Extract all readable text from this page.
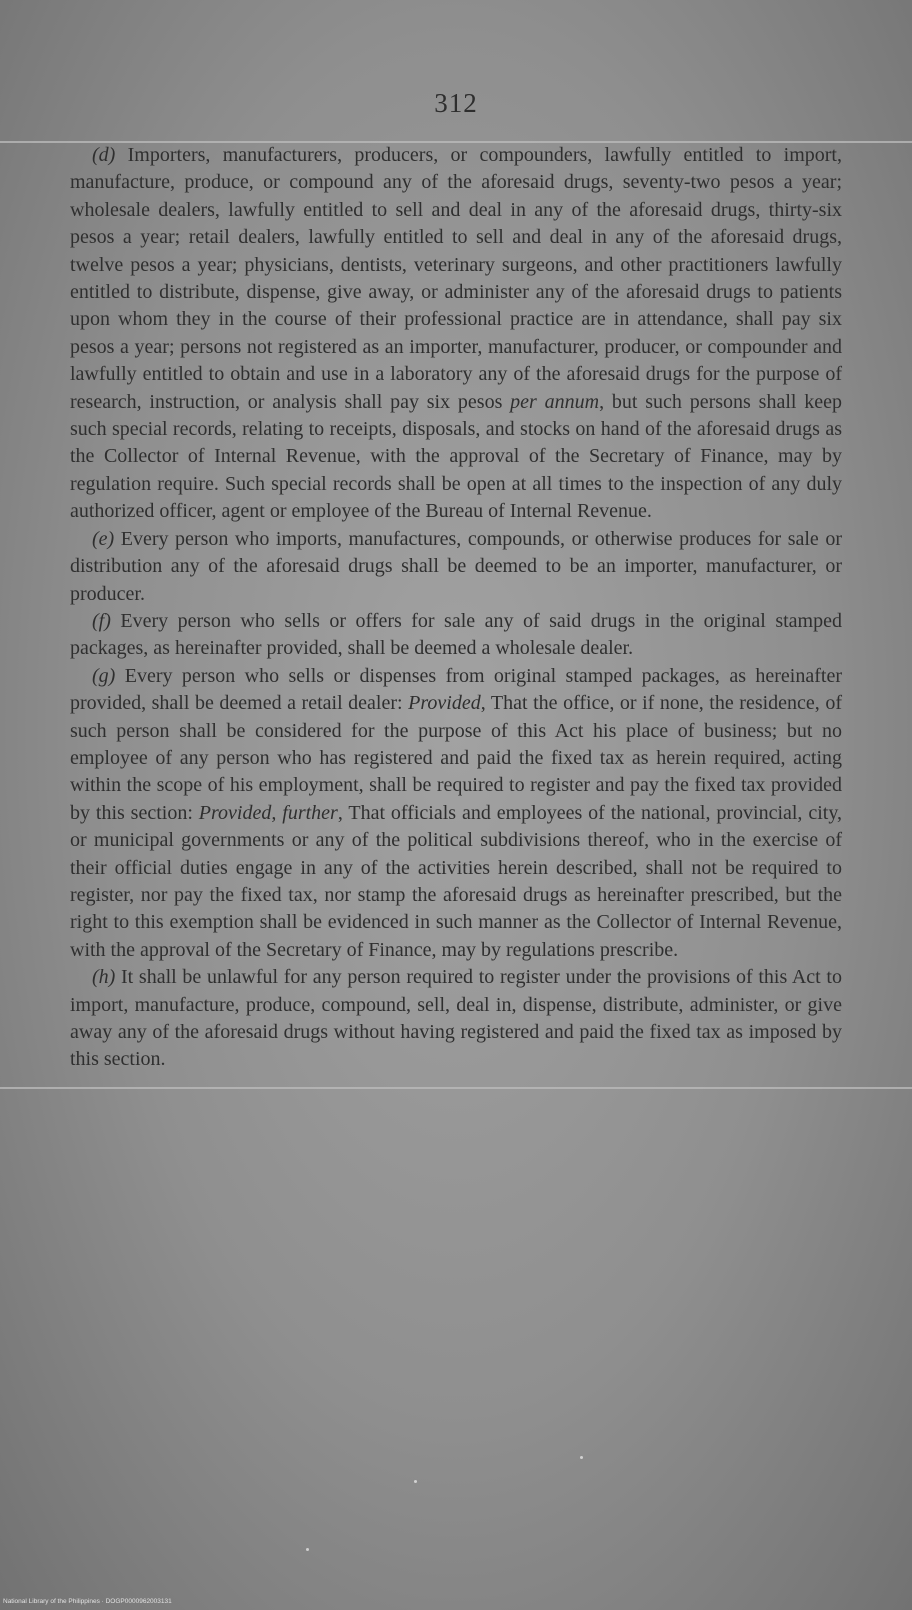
312

(d) Importers, manufacturers, producers, or compounders, lawfully entitled to import, manufacture, produce, or compound any of the aforesaid drugs, seventy-two pesos a year; wholesale dealers, lawfully entitled to sell and deal in any of the aforesaid drugs, thirty-six pesos a year; retail dealers, lawfully entitled to sell and deal in any of the aforesaid drugs, twelve pesos a year; physicians, dentists, veterinary surgeons, and other practitioners lawfully entitled to distribute, dispense, give away, or administer any of the aforesaid drugs to patients upon whom they in the course of their professional practice are in attendance, shall pay six pesos a year; persons not registered as an importer, manufacturer, producer, or compounder and lawfully entitled to obtain and use in a laboratory any of the aforesaid drugs for the purpose of research, instruction, or analysis shall pay six pesos per annum, but such persons shall keep such special records, relating to receipts, disposals, and stocks on hand of the aforesaid drugs as the Collector of Internal Revenue, with the approval of the Secretary of Finance, may by regulation require. Such special records shall be open at all times to the inspection of any duly authorized officer, agent or employee of the Bureau of Internal Revenue.

(e) Every person who imports, manufactures, compounds, or otherwise produces for sale or distribution any of the aforesaid drugs shall be deemed to be an importer, manufacturer, or producer.

(f) Every person who sells or offers for sale any of said drugs in the original stamped packages, as hereinafter provided, shall be deemed a wholesale dealer.

(g) Every person who sells or dispenses from original stamped packages, as hereinafter provided, shall be deemed a retail dealer: Provided, That the office, or if none, the residence, of such person shall be considered for the purpose of this Act his place of business; but no employee of any person who has registered and paid the fixed tax as herein required, acting within the scope of his employment, shall be required to register and pay the fixed tax provided by this section: Provided, further, That officials and employees of the national, provincial, city, or municipal governments or any of the political subdivisions thereof, who in the exercise of their official duties engage in any of the activities herein described, shall not be required to register, nor pay the fixed tax, nor stamp the aforesaid drugs as hereinafter prescribed, but the right to this exemption shall be evidenced in such manner as the Collector of Internal Revenue, with the approval of the Secretary of Finance, may by regulations prescribe.

(h) It shall be unlawful for any person required to register under the provisions of this Act to import, manufacture, produce, compound, sell, deal in, dispense, distribute, administer, or give away any of the aforesaid drugs without having registered and paid the fixed tax as imposed by this section.

National Library of the Philippines · DOGP0000962003131
